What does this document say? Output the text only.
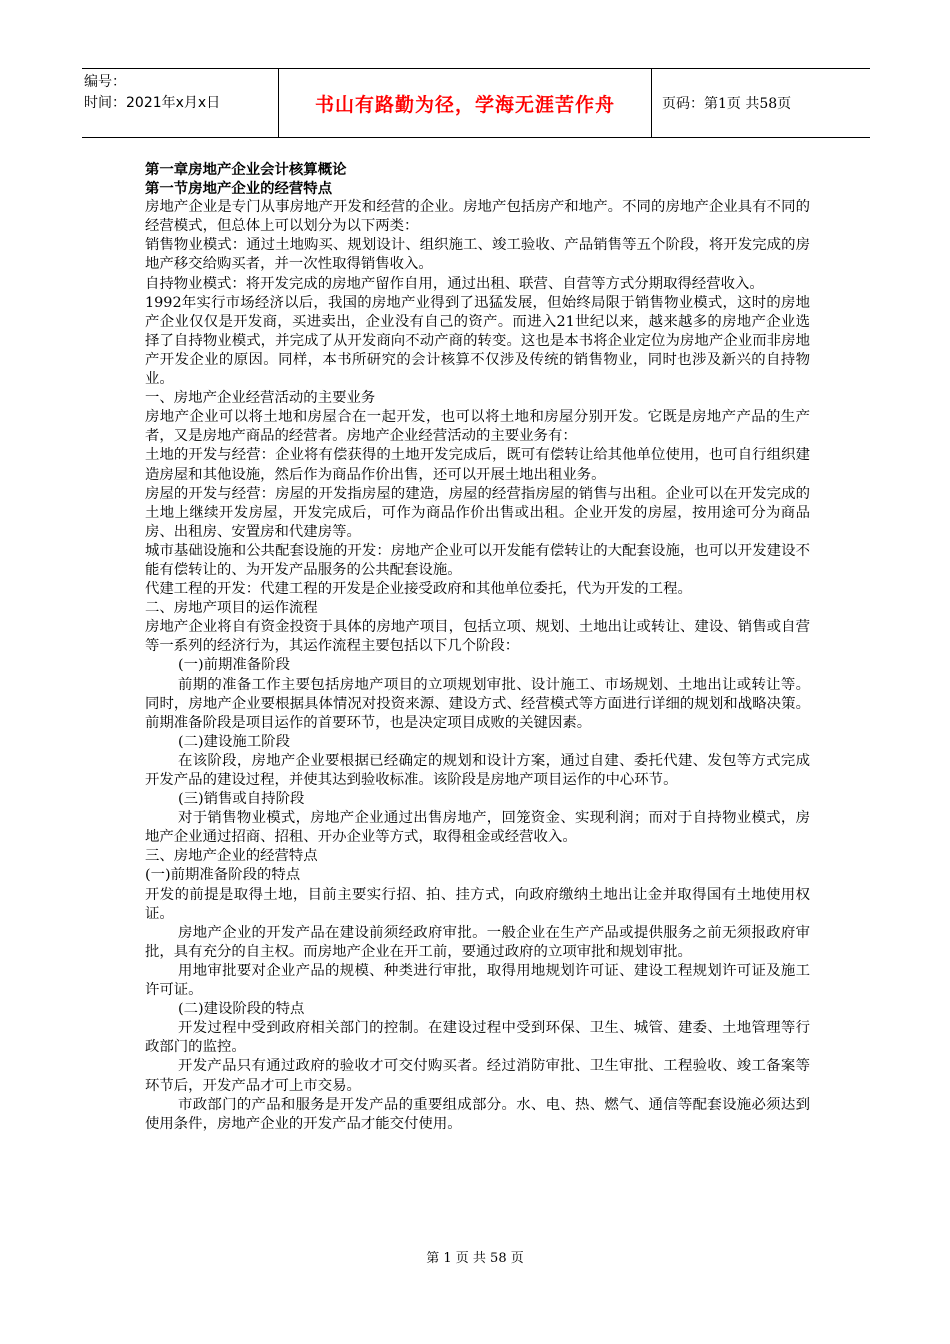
编号：
时间：2021年x月x日	书山有路勤为径，学海无涯苦作舟	页码：第1页 共58页

第一章房地产企业会计核算概论

第一节房地产企业的经营特点

房地产企业是专门从事房地产开发和经营的企业。房地产包括房产和地产。不同的房地产企业具有不同的经营模式，但总体上可以划分为以下两类：

销售物业模式：通过土地购买、规划设计、组织施工、竣工验收、产品销售等五个阶段，将开发完成的房地产移交给购买者，并一次性取得销售收入。

自持物业模式：将开发完成的房地产留作自用，通过出租、联营、自营等方式分期取得经营收入。

1992年实行市场经济以后，我国的房地产业得到了迅猛发展，但始终局限于销售物业模式，这时的房地产企业仅仅是开发商，买进卖出，企业没有自己的资产。而进入21世纪以来，越来越多的房地产企业选择了自持物业模式，并完成了从开发商向不动产商的转变。这也是本书将企业定位为房地产企业而非房地产开发企业的原因。同样，本书所研究的会计核算不仅涉及传统的销售物业，同时也涉及新兴的自持物业。

一、房地产企业经营活动的主要业务

房地产企业可以将土地和房屋合在一起开发，也可以将土地和房屋分别开发。它既是房地产产品的生产者，又是房地产商品的经营者。房地产企业经营活动的主要业务有：

土地的开发与经营：企业将有偿获得的土地开发完成后，既可有偿转让给其他单位使用，也可自行组织建造房屋和其他设施，然后作为商品作价出售，还可以开展土地出租业务。

房屋的开发与经营：房屋的开发指房屋的建造，房屋的经营指房屋的销售与出租。企业可以在开发完成的土地上继续开发房屋，开发完成后，可作为商品作价出售或出租。企业开发的房屋，按用途可分为商品房、出租房、安置房和代建房等。

城市基础设施和公共配套设施的开发：房地产企业可以开发能有偿转让的大配套设施，也可以开发建设不能有偿转让的、为开发产品服务的公共配套设施。

代建工程的开发：代建工程的开发是企业接受政府和其他单位委托，代为开发的工程。

二、房地产项目的运作流程

房地产企业将自有资金投资于具体的房地产项目，包括立项、规划、土地出让或转让、建设、销售或自营等一系列的经济行为，其运作流程主要包括以下几个阶段：

(一)前期准备阶段

前期的准备工作主要包括房地产项目的立项规划审批、设计施工、市场规划、土地出让或转让等。同时，房地产企业要根据具体情况对投资来源、建设方式、经营模式等方面进行详细的规划和战略决策。前期准备阶段是项目运作的首要环节，也是决定项目成败的关键因素。

(二)建设施工阶段

在该阶段，房地产企业要根据已经确定的规划和设计方案，通过自建、委托代建、发包等方式完成开发产品的建设过程，并使其达到验收标准。该阶段是房地产项目运作的中心环节。

(三)销售或自持阶段

对于销售物业模式，房地产企业通过出售房地产，回笼资金、实现利润；而对于自持物业模式，房地产企业通过招商、招租、开办企业等方式，取得租金或经营收入。

三、房地产企业的经营特点

(一)前期准备阶段的特点

开发的前提是取得土地，目前主要实行招、拍、挂方式，向政府缴纳土地出让金并取得国有土地使用权证。

房地产企业的开发产品在建设前须经政府审批。一般企业在生产产品或提供服务之前无须报政府审批，具有充分的自主权。而房地产企业在开工前，要通过政府的立项审批和规划审批。

用地审批要对企业产品的规模、种类进行审批，取得用地规划许可证、建设工程规划许可证及施工许可证。

(二)建设阶段的特点

开发过程中受到政府相关部门的控制。在建设过程中受到环保、卫生、城管、建委、土地管理等行政部门的监控。

开发产品只有通过政府的验收才可交付购买者。经过消防审批、卫生审批、工程验收、竣工备案等环节后，开发产品才可上市交易。

市政部门的产品和服务是开发产品的重要组成部分。水、电、热、燃气、通信等配套设施必须达到使用条件，房地产企业的开发产品才能交付使用。

第 1 页 共 58 页
